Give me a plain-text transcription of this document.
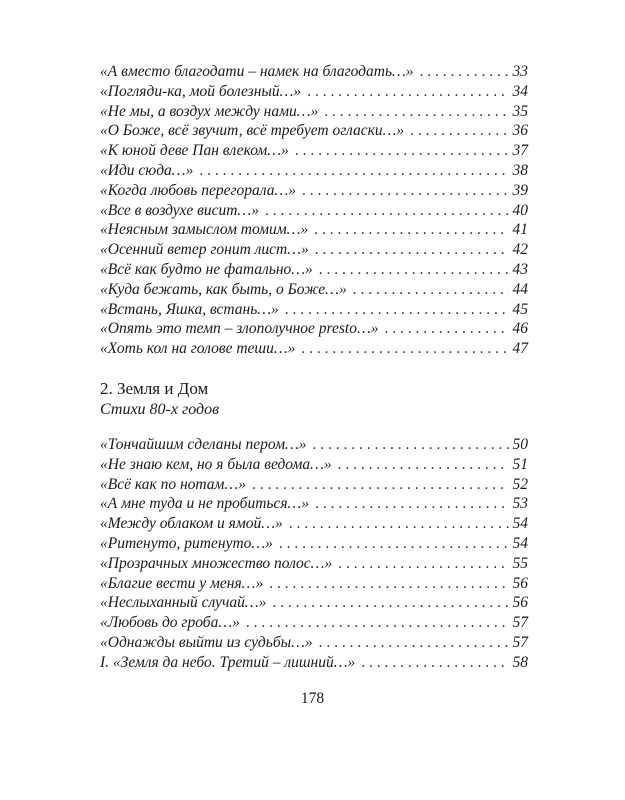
«А вместо благодати – намек на благодать…» . . .	33
«Погляди-ка, мой болезный…» . . .	34
«Не мы, а воздух между нами…» . . .	35
«О Боже, всё звучит, всё требует огласки…» . . .	36
«К юной деве Пан влеком…» . . .	37
«Иди сюда…» . . .	38
«Когда любовь перегорала…» . . .	39
«Все в воздухе висит…» . . .	40
«Неясным замыслом томим…» . . .	41
«Осенний ветер гонит лист…» . . .	42
«Всё как будто не фатально…» . . .	43
«Куда бежать, как быть, о Боже…» . . .	44
«Встань, Яшка, встань…» . . .	45
«Опять это темп – злополучное presto…» . . .	46
«Хоть кол на голове теши…» . . .	47
2. Земля и Дом
Стихи 80-х годов
«Тончайшим сделаны пером…» . . .	50
«Не знаю кем, но я была ведома…» . . .	51
«Всё как по нотам…» . . .	52
«А мне туда и не пробиться…» . . .	53
«Между облаком и ямой…» . . .	54
«Ритенуто, ритенуто…» . . .	54
«Прозрачных множество полос…» . . .	55
«Благие вести у меня…» . . .	56
«Неслыханный случай…» . . .	56
«Любовь до гроба…» . . .	57
«Однажды выйти из судьбы…» . . .	57
I. «Земля да небо. Третий – лишний…» . . .	58
178
